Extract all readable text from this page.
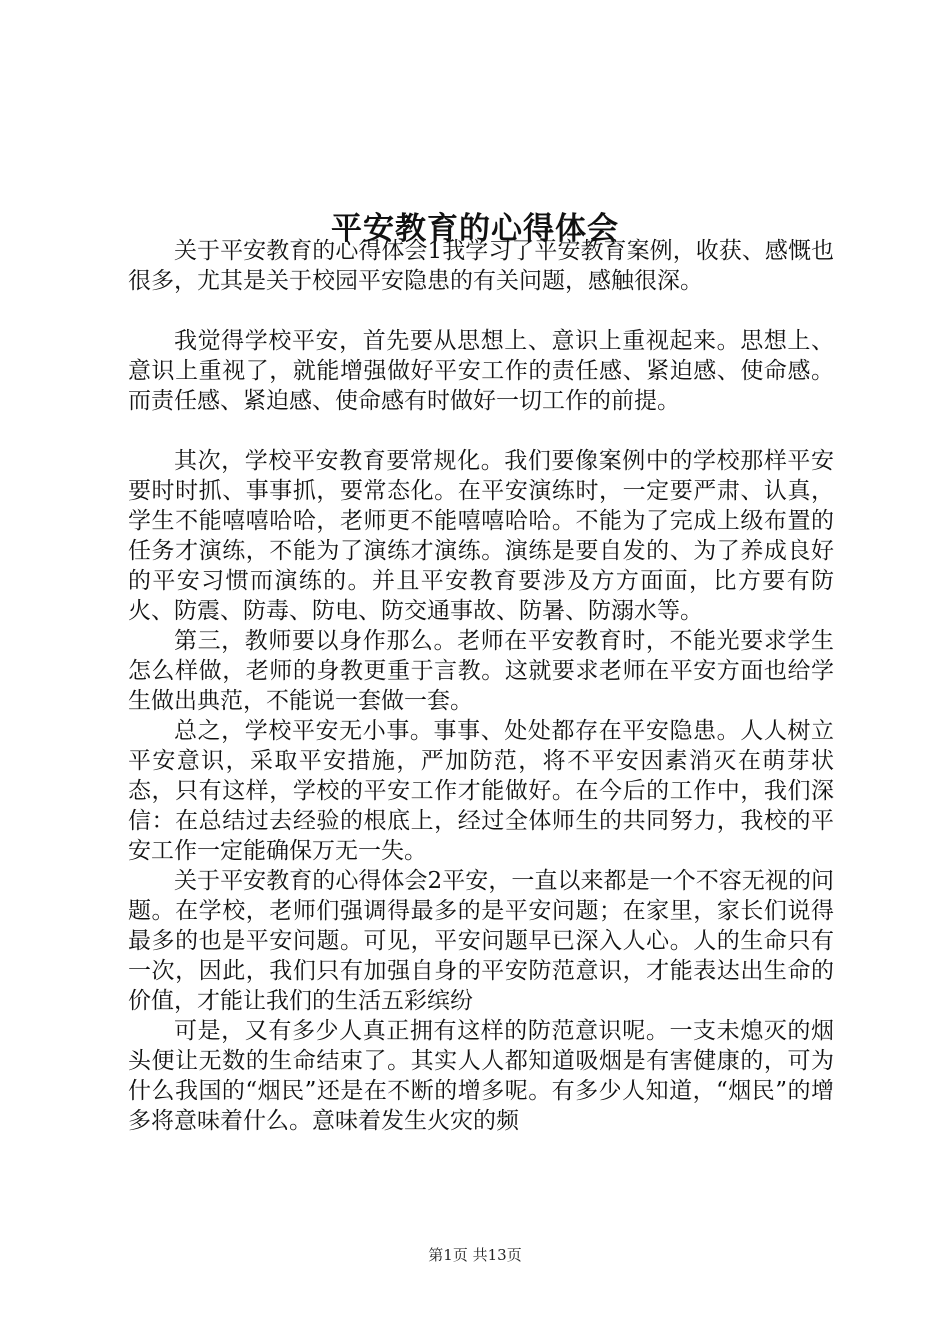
平安教育的心得体会

关于平安教育的心得体会1我学习了平安教育案例，收获、感慨也很多，尤其是关于校园平安隐患的有关问题，感触很深。

我觉得学校平安，首先要从思想上、意识上重视起来。思想上、意识上重视了，就能增强做好平安工作的责任感、紧迫感、使命感。而责任感、紧迫感、使命感有时做好一切工作的前提。

其次，学校平安教育要常规化。我们要像案例中的学校那样平安要时时抓、事事抓，要常态化。在平安演练时，一定要严肃、认真，学生不能嘻嘻哈哈，老师更不能嘻嘻哈哈。不能为了完成上级布置的任务才演练，不能为了演练才演练。演练是要自发的、为了养成良好的平安习惯而演练的。并且平安教育要涉及方方面面，比方要有防火、防震、防毒、防电、防交通事故、防暑、防溺水等。

第三，教师要以身作那么。老师在平安教育时，不能光要求学生怎么样做，老师的身教更重于言教。这就要求老师在平安方面也给学生做出典范，不能说一套做一套。

总之，学校平安无小事。事事、处处都存在平安隐患。人人树立平安意识，采取平安措施，严加防范，将不平安因素消灭在萌芽状态，只有这样，学校的平安工作才能做好。在今后的工作中，我们深信：在总结过去经验的根底上，经过全体师生的共同努力，我校的平安工作一定能确保万无一失。

关于平安教育的心得体会2平安，一直以来都是一个不容无视的问题。在学校，老师们强调得最多的是平安问题；在家里，家长们说得最多的也是平安问题。可见，平安问题早已深入人心。人的生命只有一次，因此，我们只有加强自身的平安防范意识，才能表达出生命的价值，才能让我们的生活五彩缤纷

可是，又有多少人真正拥有这样的防范意识呢。一支未熄灭的烟头便让无数的生命结束了。其实人人都知道吸烟是有害健康的，可为什么我国的“烟民”还是在不断的增多呢。有多少人知道，“烟民”的增多将意味着什么。意味着发生火灾的频

第1页 共13页
